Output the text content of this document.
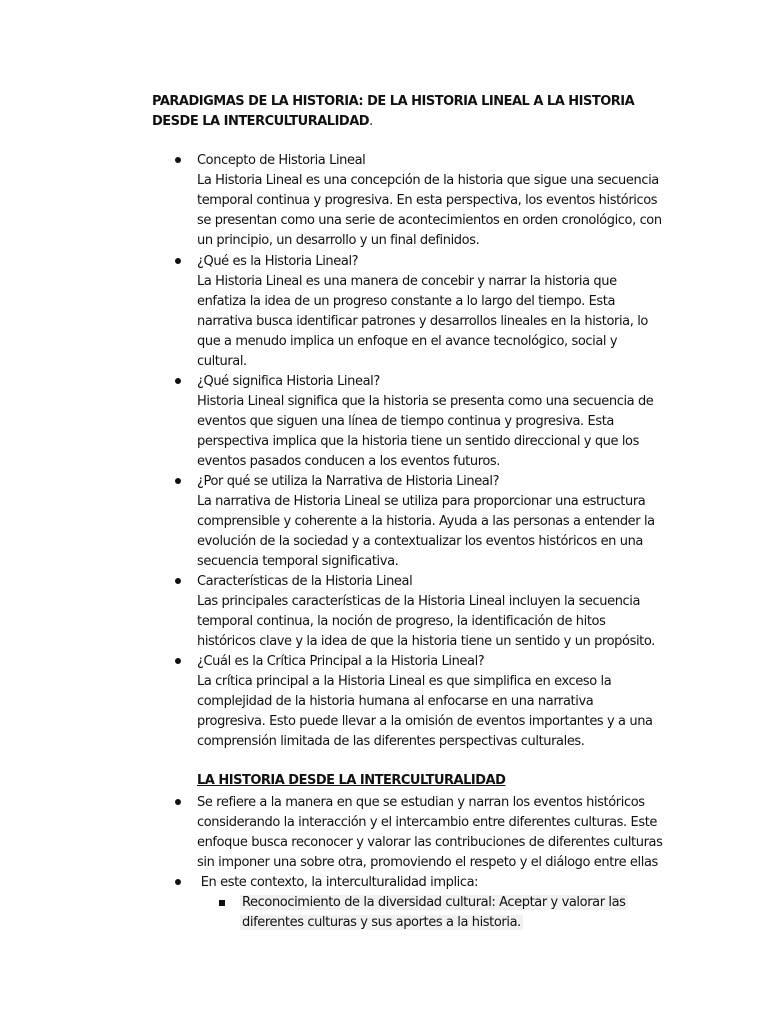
PARADIGMAS DE LA HISTORIA: DE LA HISTORIA LINEAL A LA HISTORIA DESDE LA INTERCULTURALIDAD.
Concepto de Historia Lineal
La Historia Lineal es una concepción de la historia que sigue una secuencia
temporal continua y progresiva. En esta perspectiva, los eventos históricos
se presentan como una serie de acontecimientos en orden cronológico, con
un principio, un desarrollo y un final definidos.
¿Qué es la Historia Lineal?
La Historia Lineal es una manera de concebir y narrar la historia que
enfatiza la idea de un progreso constante a lo largo del tiempo. Esta
narrativa busca identificar patrones y desarrollos lineales en la historia, lo
que a menudo implica un enfoque en el avance tecnológico, social y
cultural.
¿Qué significa Historia Lineal?
Historia Lineal significa que la historia se presenta como una secuencia de
eventos que siguen una línea de tiempo continua y progresiva. Esta
perspectiva implica que la historia tiene un sentido direccional y que los
eventos pasados conducen a los eventos futuros.
¿Por qué se utiliza la Narrativa de Historia Lineal?
La narrativa de Historia Lineal se utiliza para proporcionar una estructura
comprensible y coherente a la historia. Ayuda a las personas a entender la
evolución de la sociedad y a contextualizar los eventos históricos en una
secuencia temporal significativa.
Características de la Historia Lineal
Las principales características de la Historia Lineal incluyen la secuencia
temporal continua, la noción de progreso, la identificación de hitos
históricos clave y la idea de que la historia tiene un sentido y un propósito.
¿Cuál es la Crítica Principal a la Historia Lineal?
La crítica principal a la Historia Lineal es que simplifica en exceso la
complejidad de la historia humana al enfocarse en una narrativa
progresiva. Esto puede llevar a la omisión de eventos importantes y a una
comprensión limitada de las diferentes perspectivas culturales.
LA HISTORIA DESDE LA INTERCULTURALIDAD
Se refiere a la manera en que se estudian y narran los eventos históricos
considerando la interacción y el intercambio entre diferentes culturas. Este
enfoque busca reconocer y valorar las contribuciones de diferentes culturas
sin imponer una sobre otra, promoviendo el respeto y el diálogo entre ellas
En este contexto, la interculturalidad implica:
Reconocimiento de la diversidad cultural: Aceptar y valorar las
diferentes culturas y sus aportes a la historia.
